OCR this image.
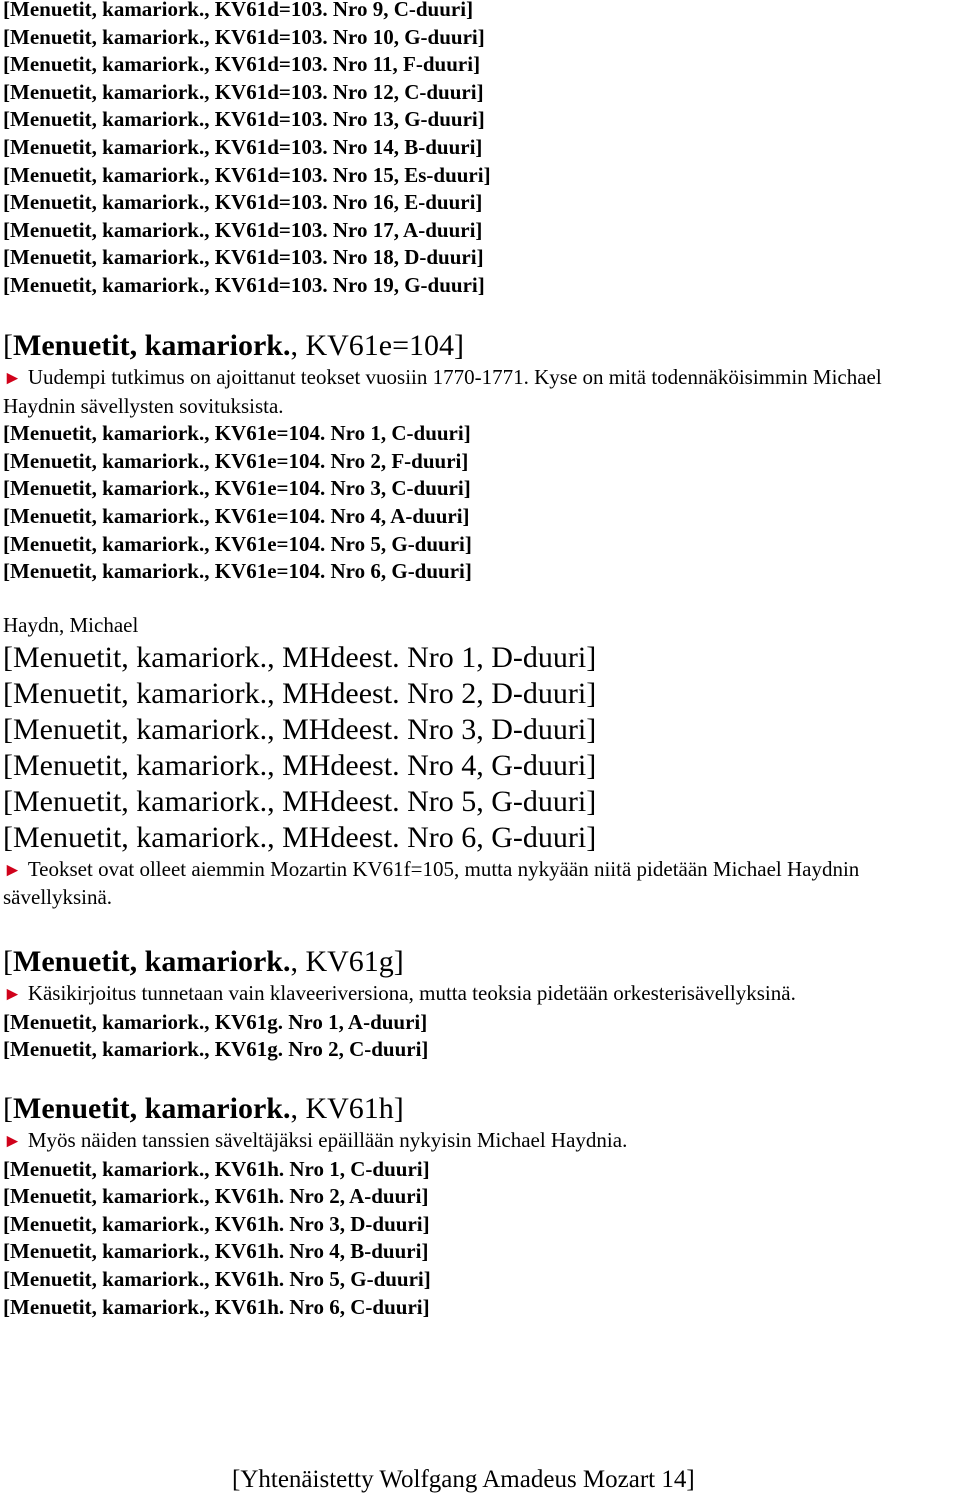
[Menuetit, kamariork., KV61d=103. Nro 9, C-duuri]
[Menuetit, kamariork., KV61d=103. Nro 10, G-duuri]
[Menuetit, kamariork., KV61d=103. Nro 11, F-duuri]
[Menuetit, kamariork., KV61d=103. Nro 12, C-duuri]
[Menuetit, kamariork., KV61d=103. Nro 13, G-duuri]
[Menuetit, kamariork., KV61d=103. Nro 14, B-duuri]
[Menuetit, kamariork., KV61d=103. Nro 15, Es-duuri]
[Menuetit, kamariork., KV61d=103. Nro 16, E-duuri]
[Menuetit, kamariork., KV61d=103. Nro 17, A-duuri]
[Menuetit, kamariork., KV61d=103. Nro 18, D-duuri]
[Menuetit, kamariork., KV61d=103. Nro 19, G-duuri]
[Menuetit, kamariork., KV61e=104]
► Uudempi tutkimus on ajoittanut teokset vuosiin 1770-1771. Kyse on mitä todennäköisimmin Michael Haydnin sävellysten sovituksista.
[Menuetit, kamariork., KV61e=104. Nro 1, C-duuri]
[Menuetit, kamariork., KV61e=104. Nro 2, F-duuri]
[Menuetit, kamariork., KV61e=104. Nro 3, C-duuri]
[Menuetit, kamariork., KV61e=104. Nro 4, A-duuri]
[Menuetit, kamariork., KV61e=104. Nro 5, G-duuri]
[Menuetit, kamariork., KV61e=104. Nro 6, G-duuri]
Haydn, Michael
[Menuetit, kamariork., MHdeest. Nro 1, D-duuri]
[Menuetit, kamariork., MHdeest. Nro 2, D-duuri]
[Menuetit, kamariork., MHdeest. Nro 3, D-duuri]
[Menuetit, kamariork., MHdeest. Nro 4, G-duuri]
[Menuetit, kamariork., MHdeest. Nro 5, G-duuri]
[Menuetit, kamariork., MHdeest. Nro 6, G-duuri]
► Teokset ovat olleet aiemmin Mozartin KV61f=105, mutta nykyään niitä pidetään Michael Haydnin sävellyksinä.
[Menuetit, kamariork., KV61g]
► Käsikirjoitus tunnetaan vain klaveeriversiona, mutta teoksia pidetään orkesterisävellyksinä.
[Menuetit, kamariork., KV61g. Nro 1, A-duuri]
[Menuetit, kamariork., KV61g. Nro 2, C-duuri]
[Menuetit, kamariork., KV61h]
► Myös näiden tanssien säveltäjäksi epäillään nykyisin Michael Haydnia.
[Menuetit, kamariork., KV61h. Nro 1, C-duuri]
[Menuetit, kamariork., KV61h. Nro 2, A-duuri]
[Menuetit, kamariork., KV61h. Nro 3, D-duuri]
[Menuetit, kamariork., KV61h. Nro 4, B-duuri]
[Menuetit, kamariork., KV61h. Nro 5, G-duuri]
[Menuetit, kamariork., KV61h. Nro 6, C-duuri]
[Yhtenäistetty Wolfgang Amadeus Mozart 14]
